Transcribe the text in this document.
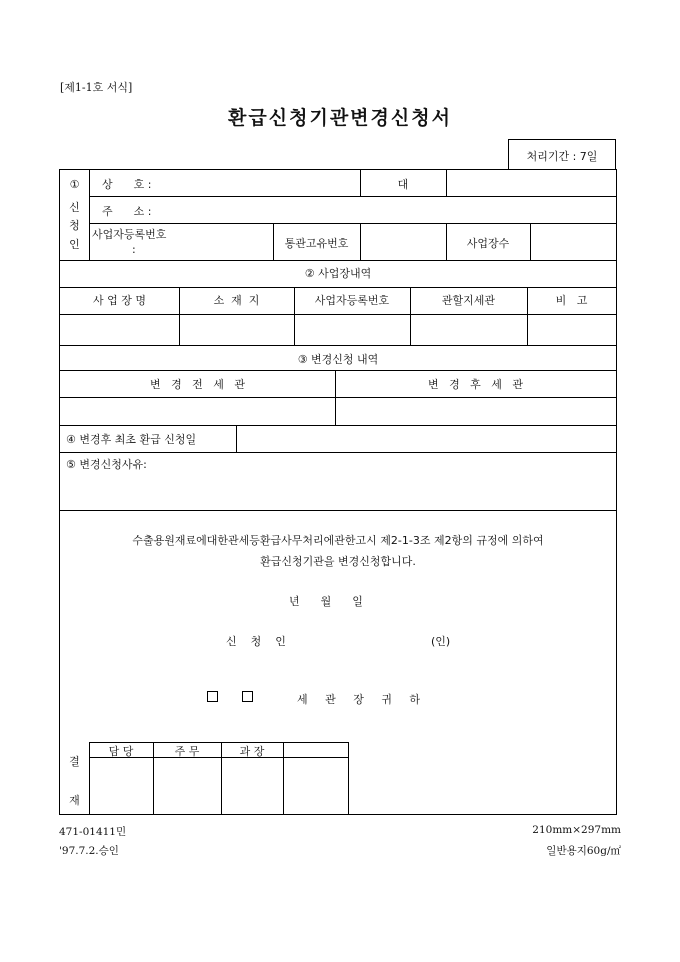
[제1-1호 서식]
환급신청기관변경신청서
처리기간 : 7일
①
신
청
인
상      호 :	대
주      소 :
사업자등록번호
:	통관고유번호	사업장수
② 사업장내역
사 업 장 명	소  재  지	사업자등록번호	관할지세관	비   고
③ 변경신청 내역
변   경   전   세   관	변   경   후   세   관
④ 변경후 최초 환급 신청일
⑤ 변경신청사유:
수출용원재료에대한관세등환급사무처리에관한고시 제2-1-3조 제2항의 규정에 의하여
환급신청기관을 변경신청합니다.
년      월      일
신    청    인	(인)

세     관     장     귀     하
결
재
담 당	주 무	과 장
471-01411민
'97.7.2.승인
210mm×297mm
일반용지60g/㎡
